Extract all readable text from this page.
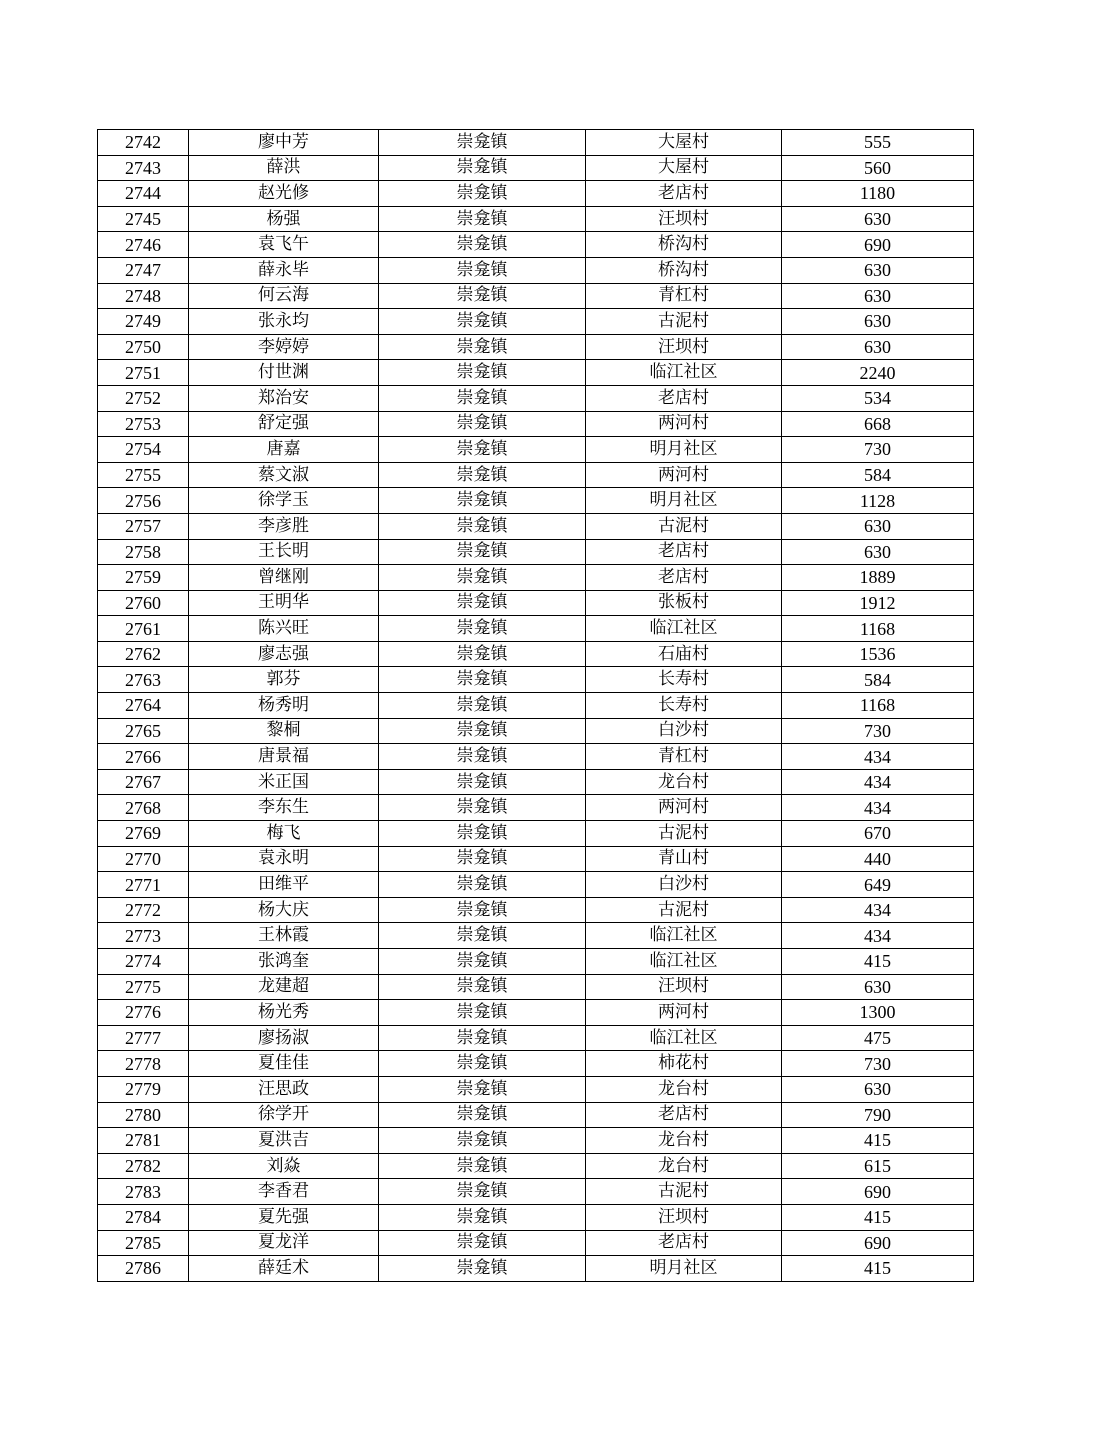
2742	廖中芳	崇龛镇	大屋村	555
2743	薛洪	崇龛镇	大屋村	560
2744	赵光修	崇龛镇	老店村	1180
2745	杨强	崇龛镇	汪坝村	630
2746	袁飞午	崇龛镇	桥沟村	690
2747	薛永毕	崇龛镇	桥沟村	630
2748	何云海	崇龛镇	青杠村	630
2749	张永均	崇龛镇	古泥村	630
2750	李婷婷	崇龛镇	汪坝村	630
2751	付世渊	崇龛镇	临江社区	2240
2752	郑治安	崇龛镇	老店村	534
2753	舒定强	崇龛镇	两河村	668
2754	唐嘉	崇龛镇	明月社区	730
2755	蔡文淑	崇龛镇	两河村	584
2756	徐学玉	崇龛镇	明月社区	1128
2757	李彦胜	崇龛镇	古泥村	630
2758	王长明	崇龛镇	老店村	630
2759	曾继刚	崇龛镇	老店村	1889
2760	王明华	崇龛镇	张板村	1912
2761	陈兴旺	崇龛镇	临江社区	1168
2762	廖志强	崇龛镇	石庙村	1536
2763	郭芬	崇龛镇	长寿村	584
2764	杨秀明	崇龛镇	长寿村	1168
2765	黎桐	崇龛镇	白沙村	730
2766	唐景福	崇龛镇	青杠村	434
2767	米正国	崇龛镇	龙台村	434
2768	李东生	崇龛镇	两河村	434
2769	梅飞	崇龛镇	古泥村	670
2770	袁永明	崇龛镇	青山村	440
2771	田维平	崇龛镇	白沙村	649
2772	杨大庆	崇龛镇	古泥村	434
2773	王林霞	崇龛镇	临江社区	434
2774	张鸿奎	崇龛镇	临江社区	415
2775	龙建超	崇龛镇	汪坝村	630
2776	杨光秀	崇龛镇	两河村	1300
2777	廖扬淑	崇龛镇	临江社区	475
2778	夏佳佳	崇龛镇	柿花村	730
2779	汪思政	崇龛镇	龙台村	630
2780	徐学开	崇龛镇	老店村	790
2781	夏洪吉	崇龛镇	龙台村	415
2782	刘焱	崇龛镇	龙台村	615
2783	李香君	崇龛镇	古泥村	690
2784	夏先强	崇龛镇	汪坝村	415
2785	夏龙洋	崇龛镇	老店村	690
2786	薛廷术	崇龛镇	明月社区	415
